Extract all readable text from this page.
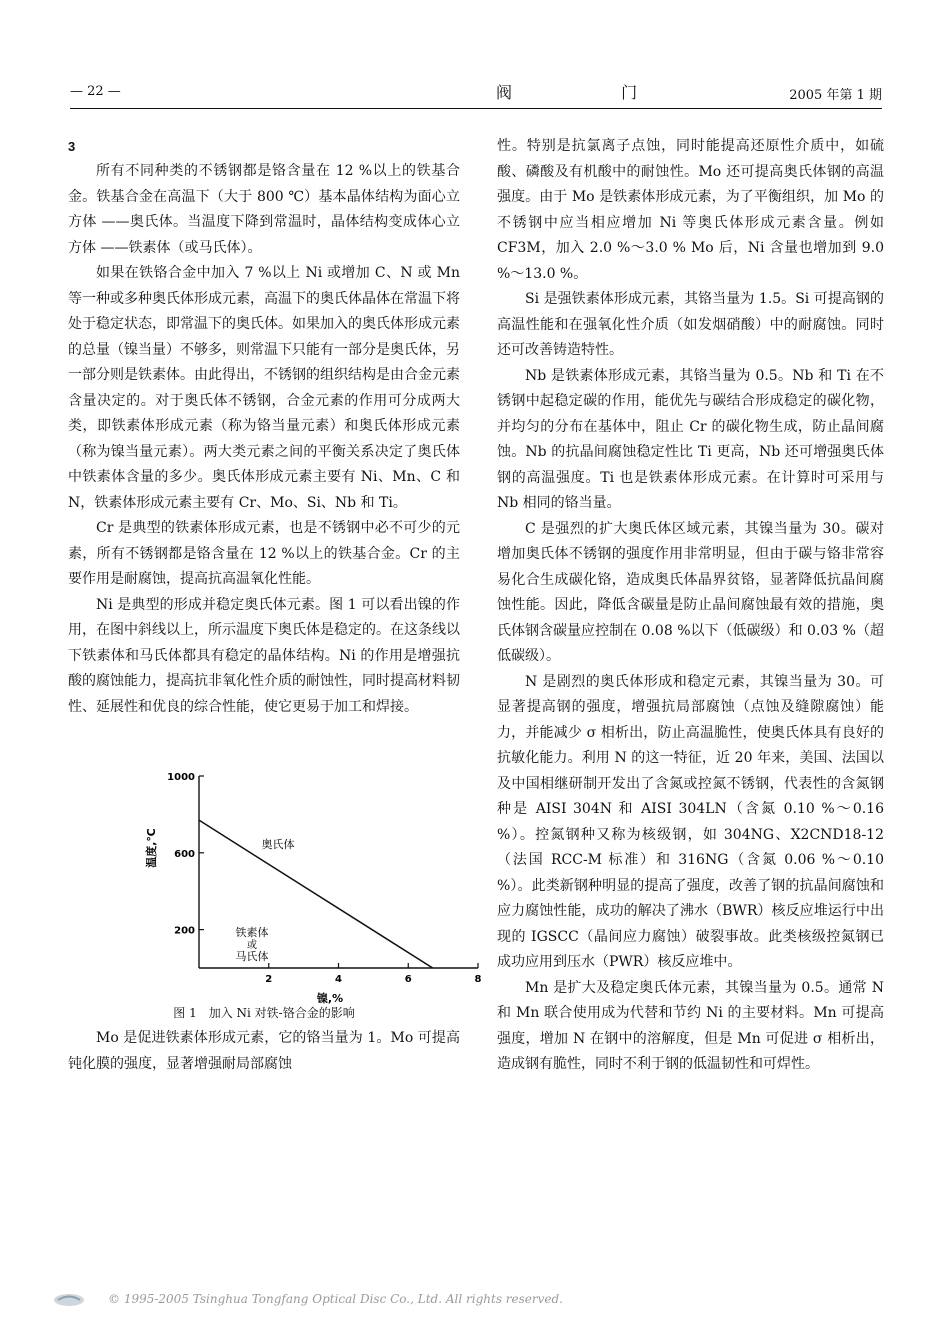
— 22 —	阀 门	2005 年第 1 期
3

所有不同种类的不锈钢都是铬含量在 12 %以上的铁基合金。铁基合金在高温下（大于 800 ℃）基本晶体结构为面心立方体 ——奥氏体。当温度下降到常温时，晶体结构变成体心立方体 ——铁素体（或马氏体）。

如果在铁铬合金中加入 7 %以上 Ni 或增加 C、N 或 Mn 等一种或多种奥氏体形成元素，高温下的奥氏体晶体在常温下将处于稳定状态，即常温下的奥氏体。如果加入的奥氏体形成元素的总量（镍当量）不够多，则常温下只能有一部分是奥氏体，另一部分则是铁素体。由此得出，不锈钢的组织结构是由合金元素含量决定的。对于奥氏体不锈钢，合金元素的作用可分成两大类，即铁素体形成元素（称为铬当量元素）和奥氏体形成元素（称为镍当量元素）。两大类元素之间的平衡关系决定了奥氏体中铁素体含量的多少。奥氏体形成元素主要有 Ni、Mn、C 和 N，铁素体形成元素主要有 Cr、Mo、Si、Nb 和 Ti。

Cr 是典型的铁素体形成元素，也是不锈钢中必不可少的元素，所有不锈钢都是铬含量在 12 %以上的铁基合金。Cr 的主要作用是耐腐蚀，提高抗高温氧化性能。

Ni 是典型的形成并稳定奥氏体元素。图 1 可以看出镍的作用，在图中斜线以上，所示温度下奥氏体是稳定的。在这条线以下铁素体和马氏体都具有稳定的晶体结构。Ni 的作用是增强抗酸的腐蚀能力，提高抗非氧化性介质的耐蚀性，同时提高材料韧性、延展性和优良的综合性能，使它更易于加工和焊接。

2	4	6	8
200
600
1000
奥氏体
铁素体
或
马氏体
温度,℃
镍,%
图 1　加入 Ni 对铁-铬合金的影响

Mo 是促进铁素体形成元素，它的铬当量为 1。Mo 可提高钝化膜的强度，显著增强耐局部腐蚀

性。特别是抗氯离子点蚀，同时能提高还原性介质中，如硫酸、磷酸及有机酸中的耐蚀性。Mo 还可提高奥氏体钢的高温强度。由于 Mo 是铁素体形成元素，为了平衡组织，加 Mo 的不锈钢中应当相应增加 Ni 等奥氏体形成元素含量。例如 CF3M，加入 2.0 %～3.0 % Mo 后，Ni 含量也增加到 9.0 %～13.0 %。

Si 是强铁素体形成元素，其铬当量为 1.5。Si 可提高钢的高温性能和在强氧化性介质（如发烟硝酸）中的耐腐蚀。同时还可改善铸造特性。

Nb 是铁素体形成元素，其铬当量为 0.5。Nb 和 Ti 在不锈钢中起稳定碳的作用，能优先与碳结合形成稳定的碳化物，并均匀的分布在基体中，阻止 Cr 的碳化物生成，防止晶间腐蚀。Nb 的抗晶间腐蚀稳定性比 Ti 更高，Nb 还可增强奥氏体钢的高温强度。Ti 也是铁素体形成元素。在计算时可采用与 Nb 相同的铬当量。

C 是强烈的扩大奥氏体区域元素，其镍当量为 30。碳对增加奥氏体不锈钢的强度作用非常明显，但由于碳与铬非常容易化合生成碳化铬，造成奥氏体晶界贫铬，显著降低抗晶间腐蚀性能。因此，降低含碳量是防止晶间腐蚀最有效的措施，奥氏体钢含碳量应控制在 0.08 %以下（低碳级）和 0.03 %（超低碳级）。

N 是剧烈的奥氏体形成和稳定元素，其镍当量为 30。可显著提高钢的强度，增强抗局部腐蚀（点蚀及缝隙腐蚀）能力，并能减少 σ 相析出，防止高温脆性，使奥氏体具有良好的抗敏化能力。利用 N 的这一特征，近 20 年来，美国、法国以及中国相继研制开发出了含氮或控氮不锈钢，代表性的含氮钢种是 AISI 304N 和 AISI 304LN（含氮 0.10 %～0.16 %）。控氮钢种又称为核级钢，如 304NG、X2CND18-12（法国 RCC-M 标准）和 316NG（含氮 0.06 %～0.10 %）。此类新钢种明显的提高了强度，改善了钢的抗晶间腐蚀和应力腐蚀性能，成功的解决了沸水（BWR）核反应堆运行中出现的 IGSCC（晶间应力腐蚀）破裂事故。此类核级控氮钢已成功应用到压水（PWR）核反应堆中。

Mn 是扩大及稳定奥氏体元素，其镍当量为 0.5。通常 N 和 Mn 联合使用成为代替和节约 Ni 的主要材料。Mn 可提高强度，增加 N 在钢中的溶解度，但是 Mn 可促进 σ 相析出，造成钢有脆性，同时不利于钢的低温韧性和可焊性。

© 1995-2005 Tsinghua Tongfang Optical Disc Co., Ltd. All rights reserved.
